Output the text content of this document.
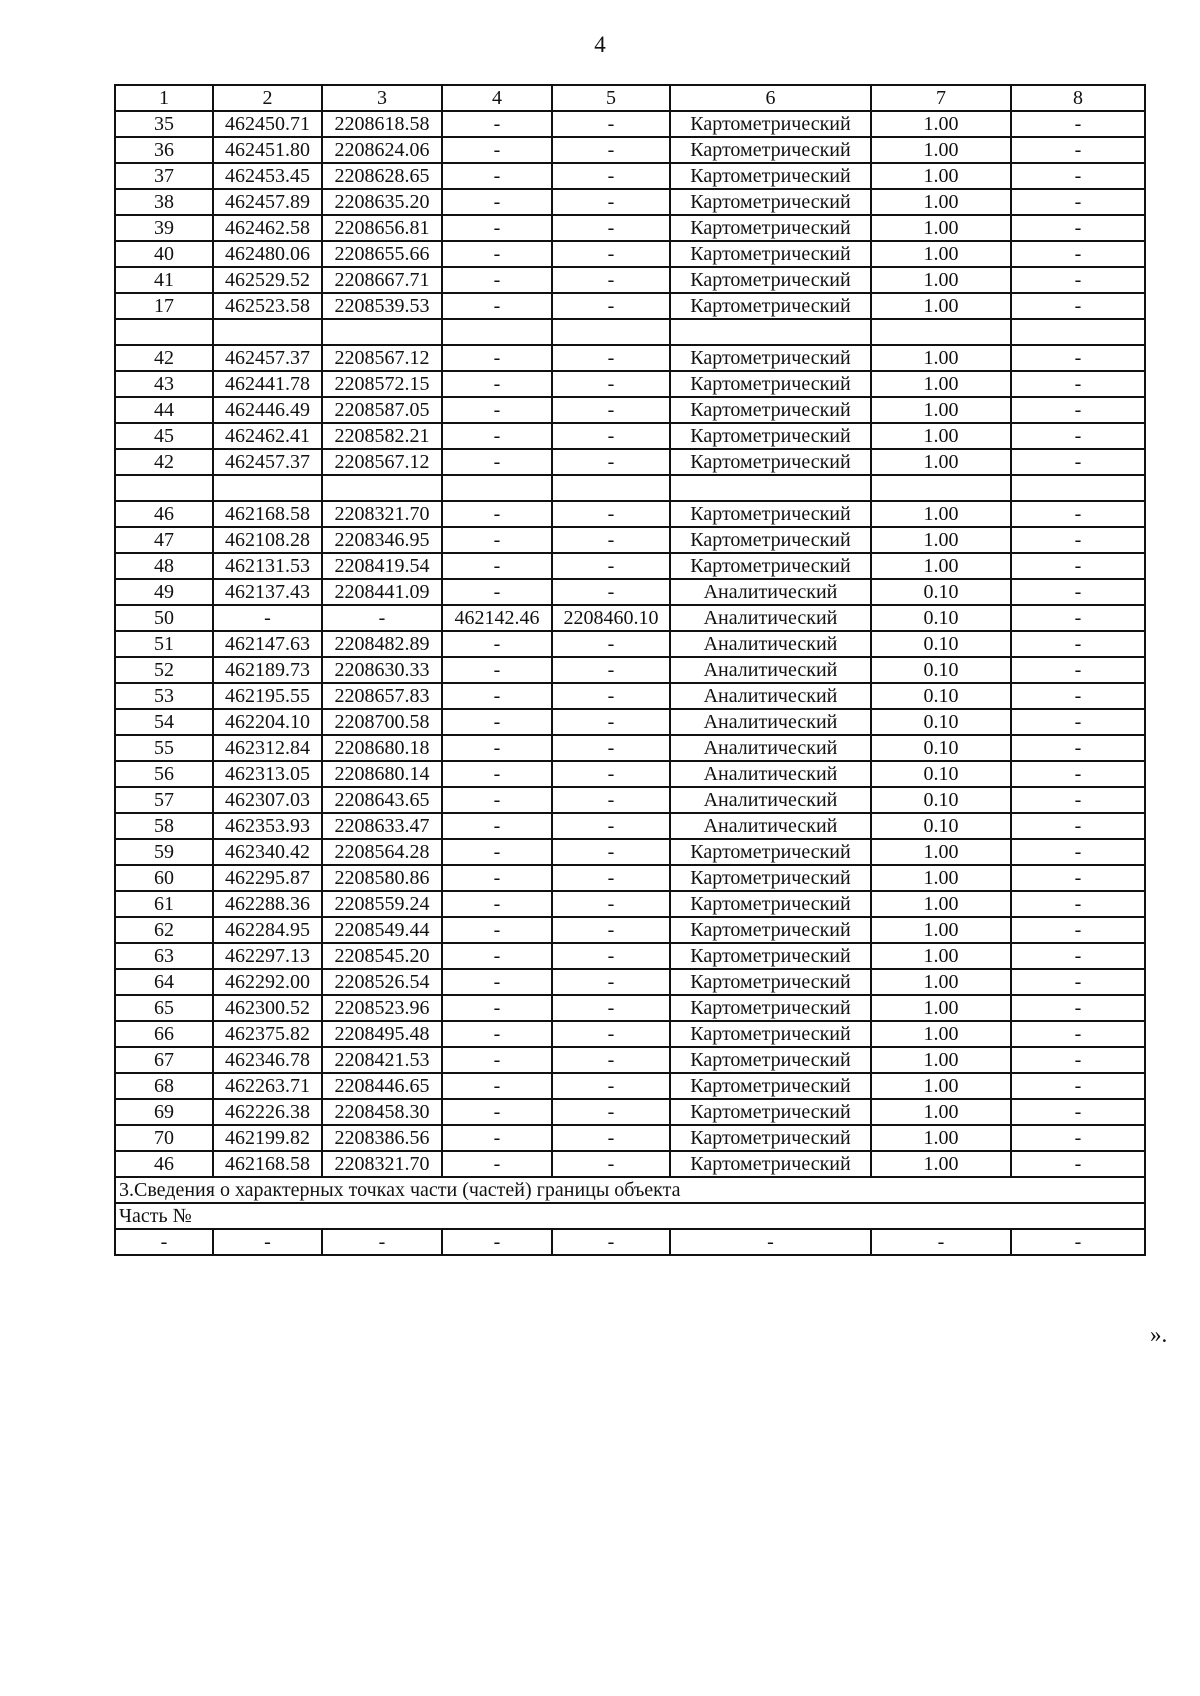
4
1	2	3	4	5	6	7	8
35	462450.71	2208618.58	-	-	Картометрический	1.00	-
36	462451.80	2208624.06	-	-	Картометрический	1.00	-
37	462453.45	2208628.65	-	-	Картометрический	1.00	-
38	462457.89	2208635.20	-	-	Картометрический	1.00	-
39	462462.58	2208656.81	-	-	Картометрический	1.00	-
40	462480.06	2208655.66	-	-	Картометрический	1.00	-
41	462529.52	2208667.71	-	-	Картометрический	1.00	-
17	462523.58	2208539.53	-	-	Картометрический	1.00	-

42	462457.37	2208567.12	-	-	Картометрический	1.00	-
43	462441.78	2208572.15	-	-	Картометрический	1.00	-
44	462446.49	2208587.05	-	-	Картометрический	1.00	-
45	462462.41	2208582.21	-	-	Картометрический	1.00	-
42	462457.37	2208567.12	-	-	Картометрический	1.00	-

46	462168.58	2208321.70	-	-	Картометрический	1.00	-
47	462108.28	2208346.95	-	-	Картометрический	1.00	-
48	462131.53	2208419.54	-	-	Картометрический	1.00	-
49	462137.43	2208441.09	-	-	Аналитический	0.10	-
50	-	-	462142.46	2208460.10	Аналитический	0.10	-
51	462147.63	2208482.89	-	-	Аналитический	0.10	-
52	462189.73	2208630.33	-	-	Аналитический	0.10	-
53	462195.55	2208657.83	-	-	Аналитический	0.10	-
54	462204.10	2208700.58	-	-	Аналитический	0.10	-
55	462312.84	2208680.18	-	-	Аналитический	0.10	-
56	462313.05	2208680.14	-	-	Аналитический	0.10	-
57	462307.03	2208643.65	-	-	Аналитический	0.10	-
58	462353.93	2208633.47	-	-	Аналитический	0.10	-
59	462340.42	2208564.28	-	-	Картометрический	1.00	-
60	462295.87	2208580.86	-	-	Картометрический	1.00	-
61	462288.36	2208559.24	-	-	Картометрический	1.00	-
62	462284.95	2208549.44	-	-	Картометрический	1.00	-
63	462297.13	2208545.20	-	-	Картометрический	1.00	-
64	462292.00	2208526.54	-	-	Картометрический	1.00	-
65	462300.52	2208523.96	-	-	Картометрический	1.00	-
66	462375.82	2208495.48	-	-	Картометрический	1.00	-
67	462346.78	2208421.53	-	-	Картометрический	1.00	-
68	462263.71	2208446.65	-	-	Картометрический	1.00	-
69	462226.38	2208458.30	-	-	Картометрический	1.00	-
70	462199.82	2208386.56	-	-	Картометрический	1.00	-
46	462168.58	2208321.70	-	-	Картометрический	1.00	-
3.Сведения о характерных точках части (частей) границы объекта							
Часть №							
-	-	-	-	-	-	-	-
».
